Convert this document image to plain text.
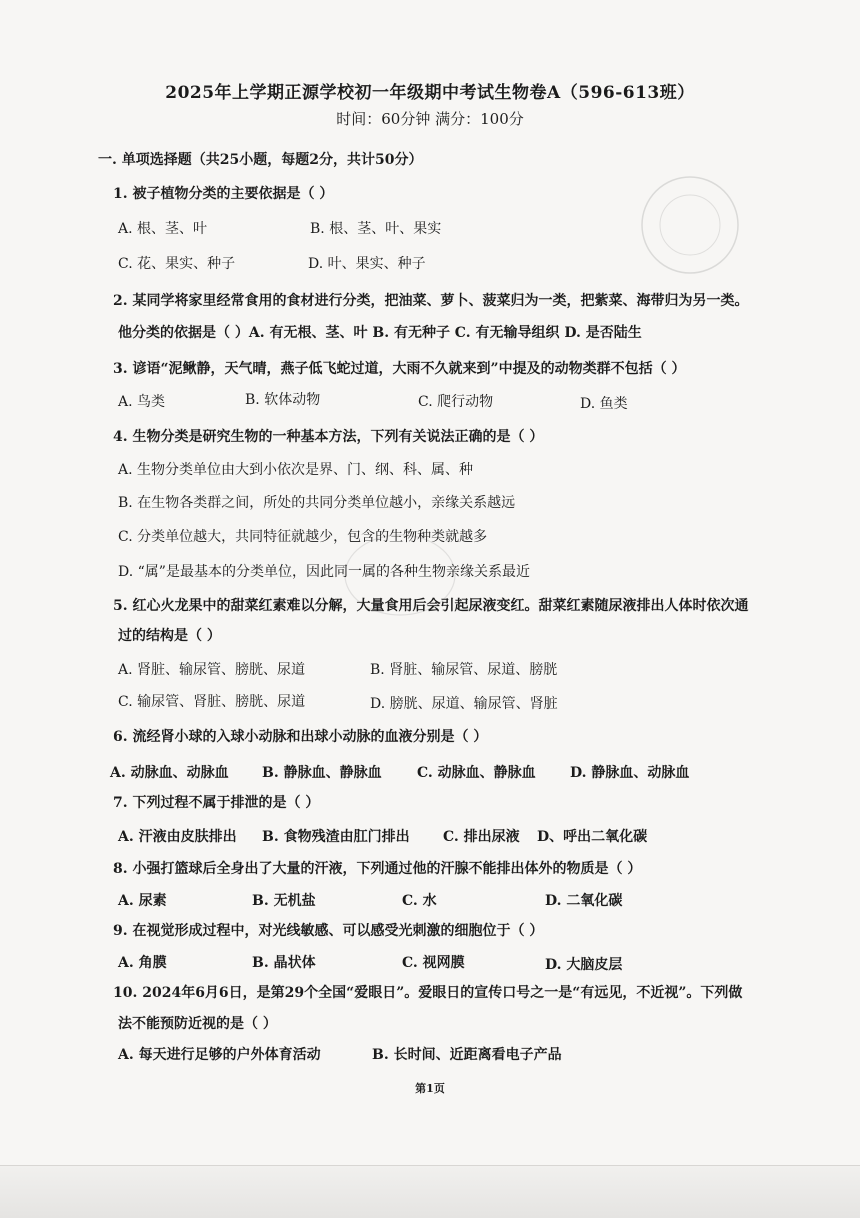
2025年上学期正源学校初一年级期中考试生物卷A（596-613班）
时间：60分钟 满分：100分
一. 单项选择题（共25小题，每题2分，共计50分）
1. 被子植物分类的主要依据是（ ）
A. 根、茎、叶	B. 根、茎、叶、果实
C. 花、果实、种子	D. 叶、果实、种子
2. 某同学将家里经常食用的食材进行分类，把油菜、萝卜、菠菜归为一类，把紫菜、海带归为另一类。
他分类的依据是（ ）A. 有无根、茎、叶 B. 有无种子 C. 有无输导组织 D. 是否陆生
3. 谚语“泥鳅静，天气晴，燕子低飞蛇过道，大雨不久就来到”中提及的动物类群不包括（ ）
A. 鸟类	B. 软体动物	C. 爬行动物	D. 鱼类
4. 生物分类是研究生物的一种基本方法，下列有关说法正确的是（ ）
A. 生物分类单位由大到小依次是界、门、纲、科、属、种
B. 在生物各类群之间，所处的共同分类单位越小，亲缘关系越远
C. 分类单位越大，共同特征就越少，包含的生物种类就越多
D. “属”是最基本的分类单位，因此同一属的各种生物亲缘关系最近
5. 红心火龙果中的甜菜红素难以分解，大量食用后会引起尿液变红。甜菜红素随尿液排出人体时依次通
过的结构是（ ）
A. 肾脏、输尿管、膀胱、尿道	B. 肾脏、输尿管、尿道、膀胱
C. 输尿管、肾脏、膀胱、尿道	D. 膀胱、尿道、输尿管、肾脏
6. 流经肾小球的入球小动脉和出球小动脉的血液分别是（ ）
A. 动脉血、动脉血 B. 静脉血、静脉血	C. 动脉血、静脉血 D. 静脉血、动脉血
7. 下列过程不属于排泄的是（ ）
A. 汗液由皮肤排出 B. 食物残渣由肛门排出 C. 排出尿液 D、呼出二氧化碳
8. 小强打篮球后全身出了大量的汗液，下列通过他的汗腺不能排出体外的物质是（ ）
A. 尿素	B. 无机盐	C. 水	D. 二氧化碳
9. 在视觉形成过程中，对光线敏感、可以感受光刺激的细胞位于（ ）
A. 角膜	B. 晶状体	C. 视网膜	D. 大脑皮层
10. 2024年6月6日，是第29个全国“爱眼日”。爱眼日的宣传口号之一是“有远见，不近视”。下列做
法不能预防近视的是（ ）
A. 每天进行足够的户外体育活动	B. 长时间、近距离看电子产品
第1页
